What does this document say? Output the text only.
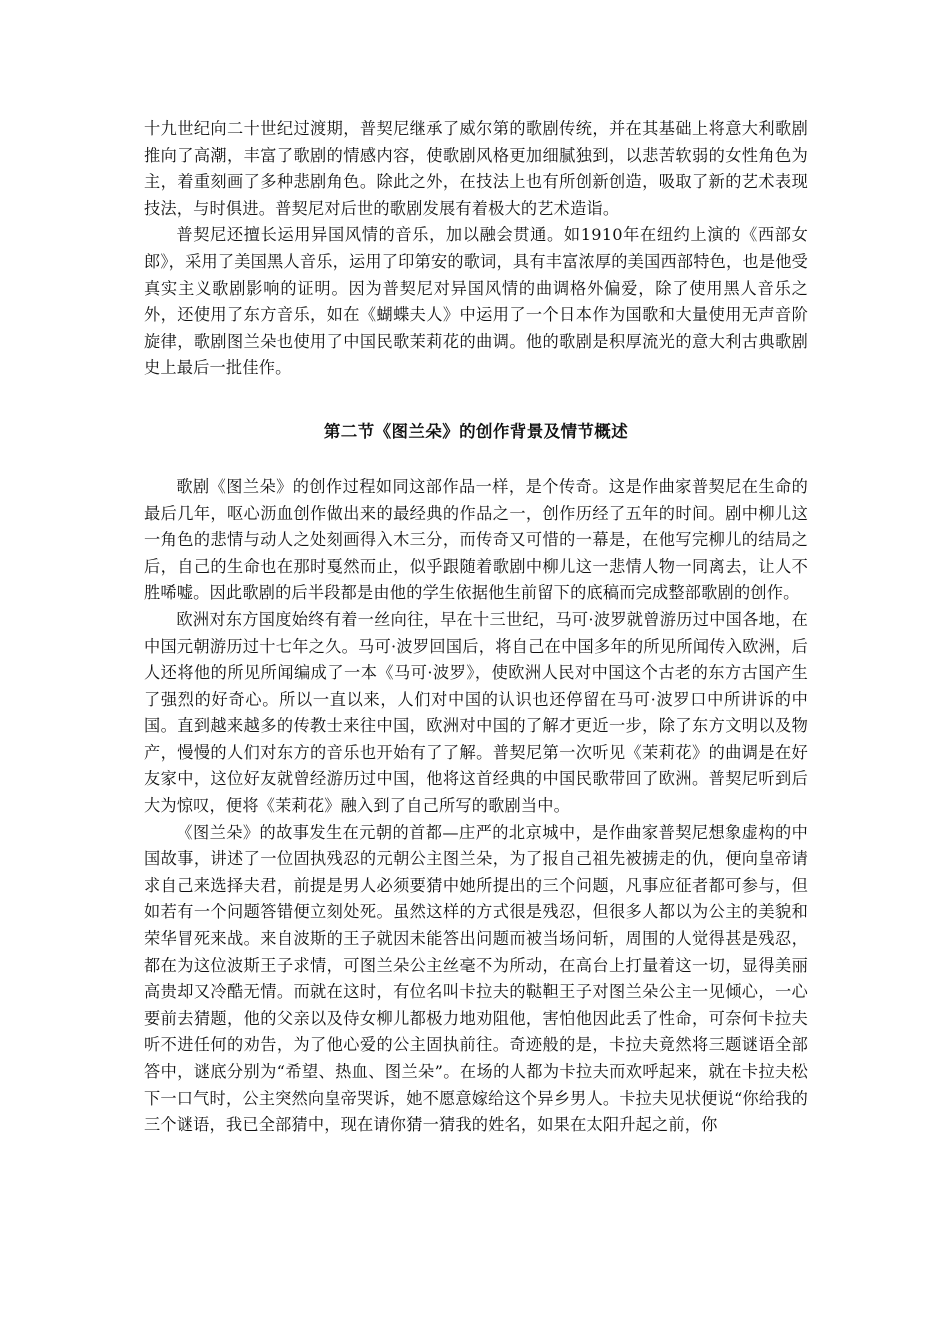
十九世纪向二十世纪过渡期，普契尼继承了威尔第的歌剧传统，并在其基础上将意大利歌剧推向了高潮，丰富了歌剧的情感内容，使歌剧风格更加细腻独到，以悲苦软弱的女性角色为主，着重刻画了多种悲剧角色。除此之外，在技法上也有所创新创造，吸取了新的艺术表现技法，与时俱进。普契尼对后世的歌剧发展有着极大的艺术造诣。

普契尼还擅长运用异国风情的音乐，加以融会贯通。如1910年在纽约上演的《西部女郎》，采用了美国黑人音乐，运用了印第安的歌词，具有丰富浓厚的美国西部特色，也是他受真实主义歌剧影响的证明。因为普契尼对异国风情的曲调格外偏爱，除了使用黑人音乐之外，还使用了东方音乐，如在《蝴蝶夫人》中运用了一个日本作为国歌和大量使用无声音阶旋律，歌剧图兰朵也使用了中国民歌茉莉花的曲调。他的歌剧是积厚流光的意大利古典歌剧史上最后一批佳作。

第二节《图兰朵》的创作背景及情节概述

歌剧《图兰朵》的创作过程如同这部作品一样，是个传奇。这是作曲家普契尼在生命的最后几年，呕心沥血创作做出来的最经典的作品之一，创作历经了五年的时间。剧中柳儿这一角色的悲情与动人之处刻画得入木三分，而传奇又可惜的一幕是，在他写完柳儿的结局之后，自己的生命也在那时戛然而止，似乎跟随着歌剧中柳儿这一悲情人物一同离去，让人不胜唏嘘。因此歌剧的后半段都是由他的学生依据他生前留下的底稿而完成整部歌剧的创作。

欧洲对东方国度始终有着一丝向往，早在十三世纪，马可·波罗就曾游历过中国各地，在中国元朝游历过十七年之久。马可·波罗回国后，将自己在中国多年的所见所闻传入欧洲，后人还将他的所见所闻编成了一本《马可·波罗》，使欧洲人民对中国这个古老的东方古国产生了强烈的好奇心。所以一直以来，人们对中国的认识也还停留在马可·波罗口中所讲诉的中国。直到越来越多的传教士来往中国，欧洲对中国的了解才更近一步，除了东方文明以及物产，慢慢的人们对东方的音乐也开始有了了解。普契尼第一次听见《茉莉花》的曲调是在好友家中，这位好友就曾经游历过中国，他将这首经典的中国民歌带回了欧洲。普契尼听到后大为惊叹，便将《茉莉花》融入到了自己所写的歌剧当中。

《图兰朵》的故事发生在元朝的首都—庄严的北京城中，是作曲家普契尼想象虚构的中国故事，讲述了一位固执残忍的元朝公主图兰朵，为了报自己祖先被掳走的仇，便向皇帝请求自己来选择夫君，前提是男人必须要猜中她所提出的三个问题，凡事应征者都可参与，但如若有一个问题答错便立刻处死。虽然这样的方式很是残忍，但很多人都以为公主的美貌和荣华冒死来战。来自波斯的王子就因未能答出问题而被当场问斩，周围的人觉得甚是残忍，都在为这位波斯王子求情，可图兰朵公主丝毫不为所动，在高台上打量着这一切，显得美丽高贵却又冷酷无情。而就在这时，有位名叫卡拉夫的鞑靼王子对图兰朵公主一见倾心，一心要前去猜题，他的父亲以及侍女柳儿都极力地劝阻他，害怕他因此丢了性命，可奈何卡拉夫听不进任何的劝告，为了他心爱的公主固执前往。奇迹般的是，卡拉夫竟然将三题谜语全部答中，谜底分别为“希望、热血、图兰朵”。在场的人都为卡拉夫而欢呼起来，就在卡拉夫松下一口气时，公主突然向皇帝哭诉，她不愿意嫁给这个异乡男人。卡拉夫见状便说“你给我的三个谜语，我已全部猜中，现在请你猜一猜我的姓名，如果在太阳升起之前，你
